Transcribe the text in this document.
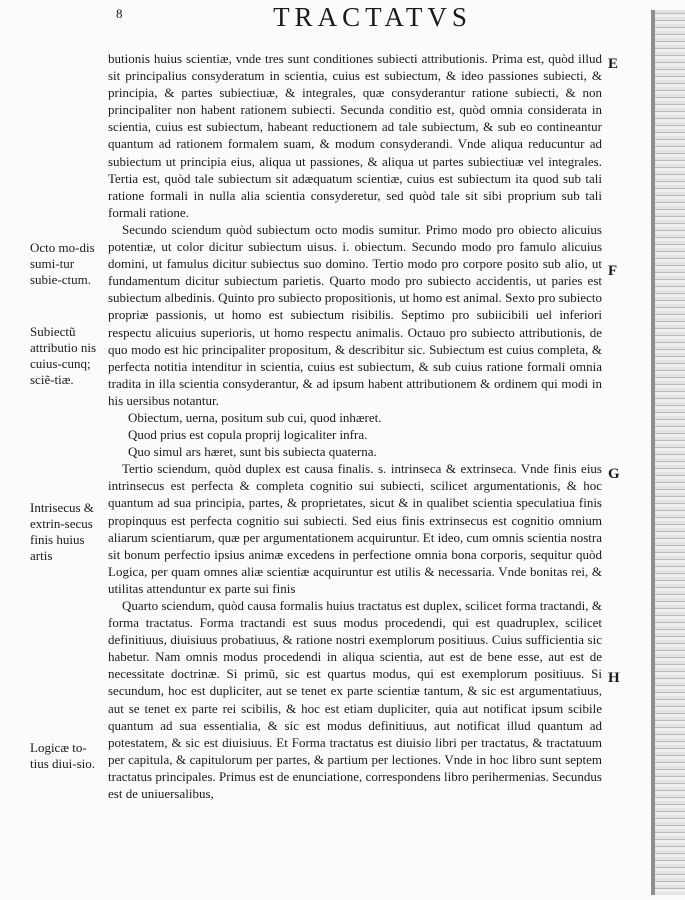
8	TRACTATVS
Octo mo-dis sumi-tur subie-ctum.
Subiectũ attributio nis cuius-cunq; sciẽ-tiæ.
Intrisecus & extrin-secus finis huius artis
Logicæ to-tius diui-sio.
E
F
G
H

butionis huius scientiæ, vnde tres sunt conditiones subiecti attributionis. Prima est, quòd illud sit principalius consyderatum in scientia, cuius est subiectum, & ideo passiones subiecti, & principia, & partes subiectiuæ, & integrales, quæ consyderantur ratione subiecti, & non principaliter non habent rationem subiecti. Secunda conditio est, quòd omnia considerata in scientia, cuius est subiectum, habeant reductionem ad tale subiectum, & sub eo contineantur quantum ad rationem formalem suam, & modum consyderandi. Vnde aliqua reducuntur ad subiectum ut principia eius, aliqua ut passiones, & aliqua ut partes subiectiuæ vel integrales. Tertia est, quòd tale subiectum sit adæquatum scientiæ, cuius est subiectum ita quod sub tali ratione formali in nulla alia scientia consyderetur, sed quòd tale sit sibi proprium sub tali formali ratione.

Secundo sciendum quòd subiectum octo modis sumitur. Primo modo pro obiecto alicuius potentiæ, ut color dicitur subiectum uisus. i. obiectum. Secundo modo pro famulo alicuius domini, ut famulus dicitur subiectus suo domino. Tertio modo pro corpore posito sub alio, ut fundamentum dicitur subiectum parietis. Quarto modo pro subiecto accidentis, ut paries est subiectum albedinis. Quinto pro subiecto propositionis, ut homo est animal. Sexto pro subiecto propriæ passionis, ut homo est subiectum risibilis. Septimo pro subiicibili uel inferiori respectu alicuius superioris, ut homo respectu animalis. Octauo pro subiecto attributionis, de quo modo est hic principaliter propositum, & describitur sic. Subiectum est cuius completa, & perfecta notitia intenditur in scientia, cuius est subiectum, & sub cuius ratione formali omnia tradita in illa scientia consyderantur, & ad ipsum habent attributionem & ordinem qui modi in his uersibus notantur.

Obiectum, uerna, positum sub cui, quod inhæret.

Quod prius est copula proprij logicaliter infra.

Quo simul ars hæret, sunt bis subiecta quaterna.

Tertio sciendum, quòd duplex est causa finalis. s. intrinseca & extrinseca. Vnde finis eius intrinsecus est perfecta & completa cognitio sui subiecti, scilicet argumentationis, & hoc quantum ad sua principia, partes, & proprietates, sicut & in qualibet scientia speculatiua finis propinquus est perfecta cognitio sui subiecti. Sed eius finis extrinsecus est cognitio omnium aliarum scientiarum, quæ per argumentationem acquiruntur. Et ideo, cum omnis scientia nostra sit bonum perfectio ipsius animæ excedens in perfectione omnia bona corporis, sequitur quòd Logica, per quam omnes aliæ scientiæ acquiruntur est utilis & necessaria. Vnde bonitas rei, & utilitas attenduntur ex parte sui finis

Quarto sciendum, quòd causa formalis huius tractatus est duplex, scilicet forma tractandi, & forma tractatus. Forma tractandi est suus modus procedendi, qui est quadruplex, scilicet definitiuus, diuisiuus probatiuus, & ratione nostri exemplorum positiuus. Cuius sufficientia sic habetur. Nam omnis modus procedendi in aliqua scientia, aut est de bene esse, aut est de necessitate doctrinæ. Si primũ, sic est quartus modus, qui est exemplorum positiuus. Si secundum, hoc est dupliciter, aut se tenet ex parte scientiæ tantum, & sic est argumentatiuus, aut se tenet ex parte rei scibilis, & hoc est etiam dupliciter, quia aut notificat ipsum scibile quantum ad sua essentialia, & sic est modus definitiuus, aut notificat illud quantum ad potestatem, & sic est diuisiuus. Et Forma tractatus est diuisio libri per tractatus, & tractatuum per capitula, & capitulorum per partes, & partium per lectiones. Vnde in hoc libro sunt septem tractatus principales. Primus est de enunciatione, correspondens libro perihermenias. Secundus est de uniuersalibus,
